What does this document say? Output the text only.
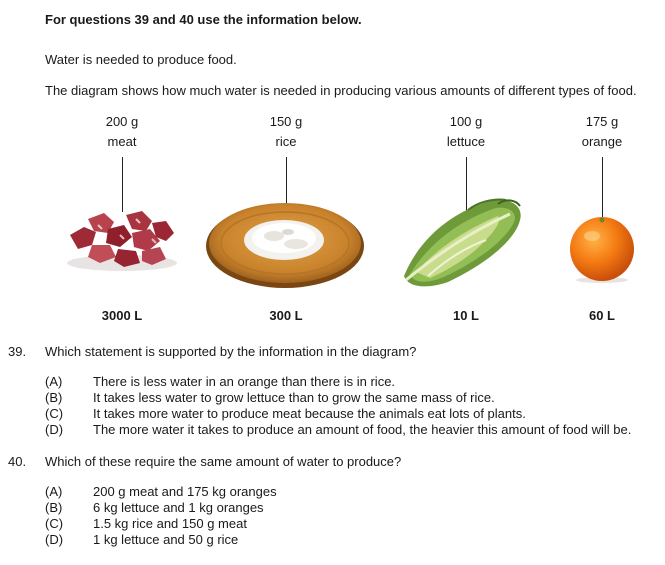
For questions 39 and 40 use the information below.
Water is needed to produce food.
The diagram shows how much water is needed in producing various amounts of different types of food.
200 g
meat
150 g
rice
100 g
lettuce
175 g
orange
3000 L	300 L	10 L	60 L
39. Which statement is supported by the information in the diagram?
(A) There is less water in an orange than there is in rice.
(B) It takes less water to grow lettuce than to grow the same mass of rice.
(C) It takes more water to produce meat because the animals eat lots of plants.
(D) The more water it takes to produce an amount of food, the heavier this amount of food will be.
40. Which of these require the same amount of water to produce?
(A) 200 g meat and 175 kg oranges
(B) 6 kg lettuce and 1 kg oranges
(C) 1.5 kg rice and 150 g meat
(D) 1 kg lettuce and 50 g rice
